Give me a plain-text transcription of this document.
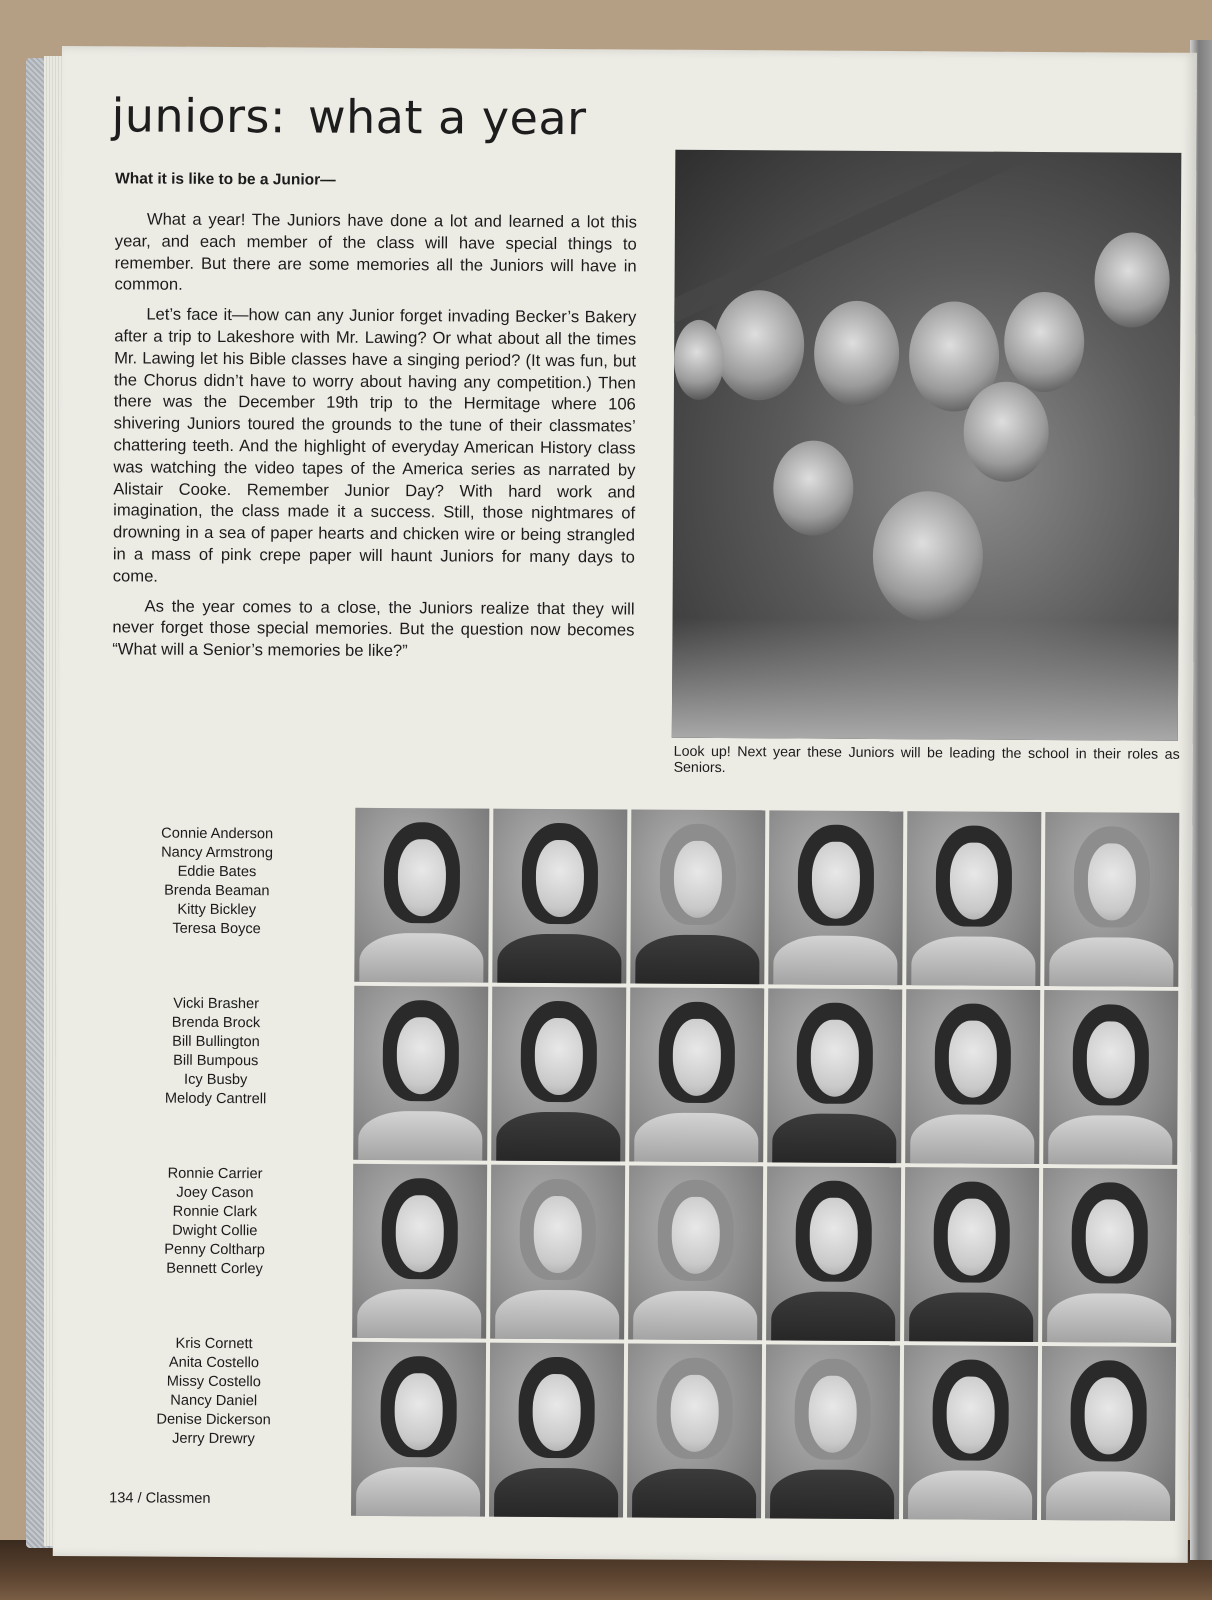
juniors: what a year
What it is like to be a Junior—

What a year! The Juniors have done a lot and learned a lot this year, and each member of the class will have special things to remember. But there are some memories all the Juniors will have in common.

Let’s face it—how can any Junior forget invading Becker’s Bakery after a trip to Lakeshore with Mr. Lawing? Or what about all the times Mr. Lawing let his Bible classes have a singing period? (It was fun, but the Chorus didn’t have to worry about having any competition.) Then there was the December 19th trip to the Hermitage where 106 shivering Juniors toured the grounds to the tune of their classmates’ chattering teeth. And the highlight of everyday American History class was watching the video tapes of the America series as narrated by Alistair Cooke. Remember Junior Day? With hard work and imagination, the class made it a success. Still, those nightmares of drowning in a sea of paper hearts and chicken wire or being strangled in a mass of pink crepe paper will haunt Juniors for many days to come.

As the year comes to a close, the Juniors realize that they will never forget those special memories. But the question now becomes “What will a Senior’s memories be like?”

Look up! Next year these Juniors will be leading the school in their roles as Seniors.
Connie Anderson
Nancy Armstrong
Eddie Bates
Brenda Beaman
Kitty Bickley
Teresa Boyce
Vicki Brasher
Brenda Brock
Bill Bullington
Bill Bumpous
Icy Busby
Melody Cantrell
Ronnie Carrier
Joey Cason
Ronnie Clark
Dwight Collie
Penny Coltharp
Bennett Corley
Kris Cornett
Anita Costello
Missy Costello
Nancy Daniel
Denise Dickerson
Jerry Drewry
134 / Classmen
